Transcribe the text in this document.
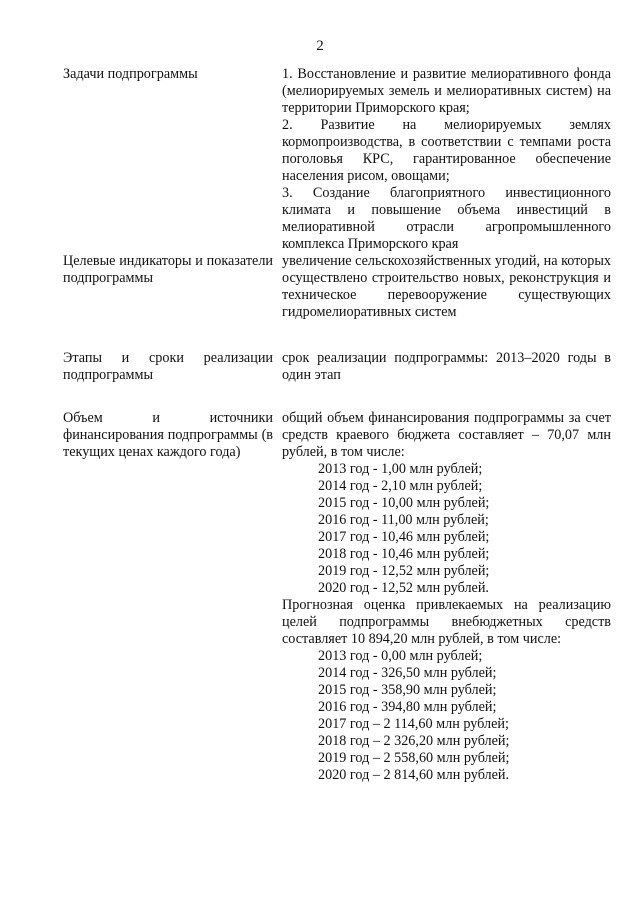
2
Задачи подпрограммы	1. Восстановление и развитие мелиоративного фонда (мелиорируемых земель и мелиоративных систем) на территории Приморского края;

2. Развитие на мелиорируемых землях кормопроизводства, в соответствии с темпами роста поголовья КРС, гарантированное обеспечение населения рисом, овощами;

3. Создание благоприятного инвестиционного климата и повышение объема инвестиций в мелиоративной отрасли агропромышленного комплекса Приморского края

Целевые индикаторы и показатели подпрограммы
увеличение сельскохозяйственных угодий, на которых осуществлено строительство новых, реконструкция и техническое перевооружение существующих гидромелиоративных систем
Этапы и сроки реализации подпрограммы
срок реализации подпрограммы: 2013–2020 годы в один этап
Объем и источники финансирования подпрограммы (в текущих ценах каждого года)

общий объем финансирования подпрограммы за счет средств краевого бюджета составляет – 70,07 млн рублей, в том числе:

2013 год - 1,00 млн рублей;

2014 год - 2,10 млн рублей;

2015 год - 10,00 млн рублей;

2016 год - 11,00 млн рублей;

2017 год - 10,46 млн рублей;

2018 год - 10,46 млн рублей;

2019 год - 12,52 млн рублей;

2020 год - 12,52 млн рублей.

Прогнозная оценка привлекаемых на реализацию целей подпрограммы внебюджетных средств составляет 10 894,20 млн рублей, в том числе:

2013 год - 0,00 млн рублей;

2014 год - 326,50 млн рублей;

2015 год - 358,90 млн рублей;

2016 год - 394,80 млн рублей;

2017 год – 2 114,60 млн рублей;

2018 год – 2 326,20 млн рублей;

2019 год – 2 558,60 млн рублей;

2020 год – 2 814,60 млн рублей.
